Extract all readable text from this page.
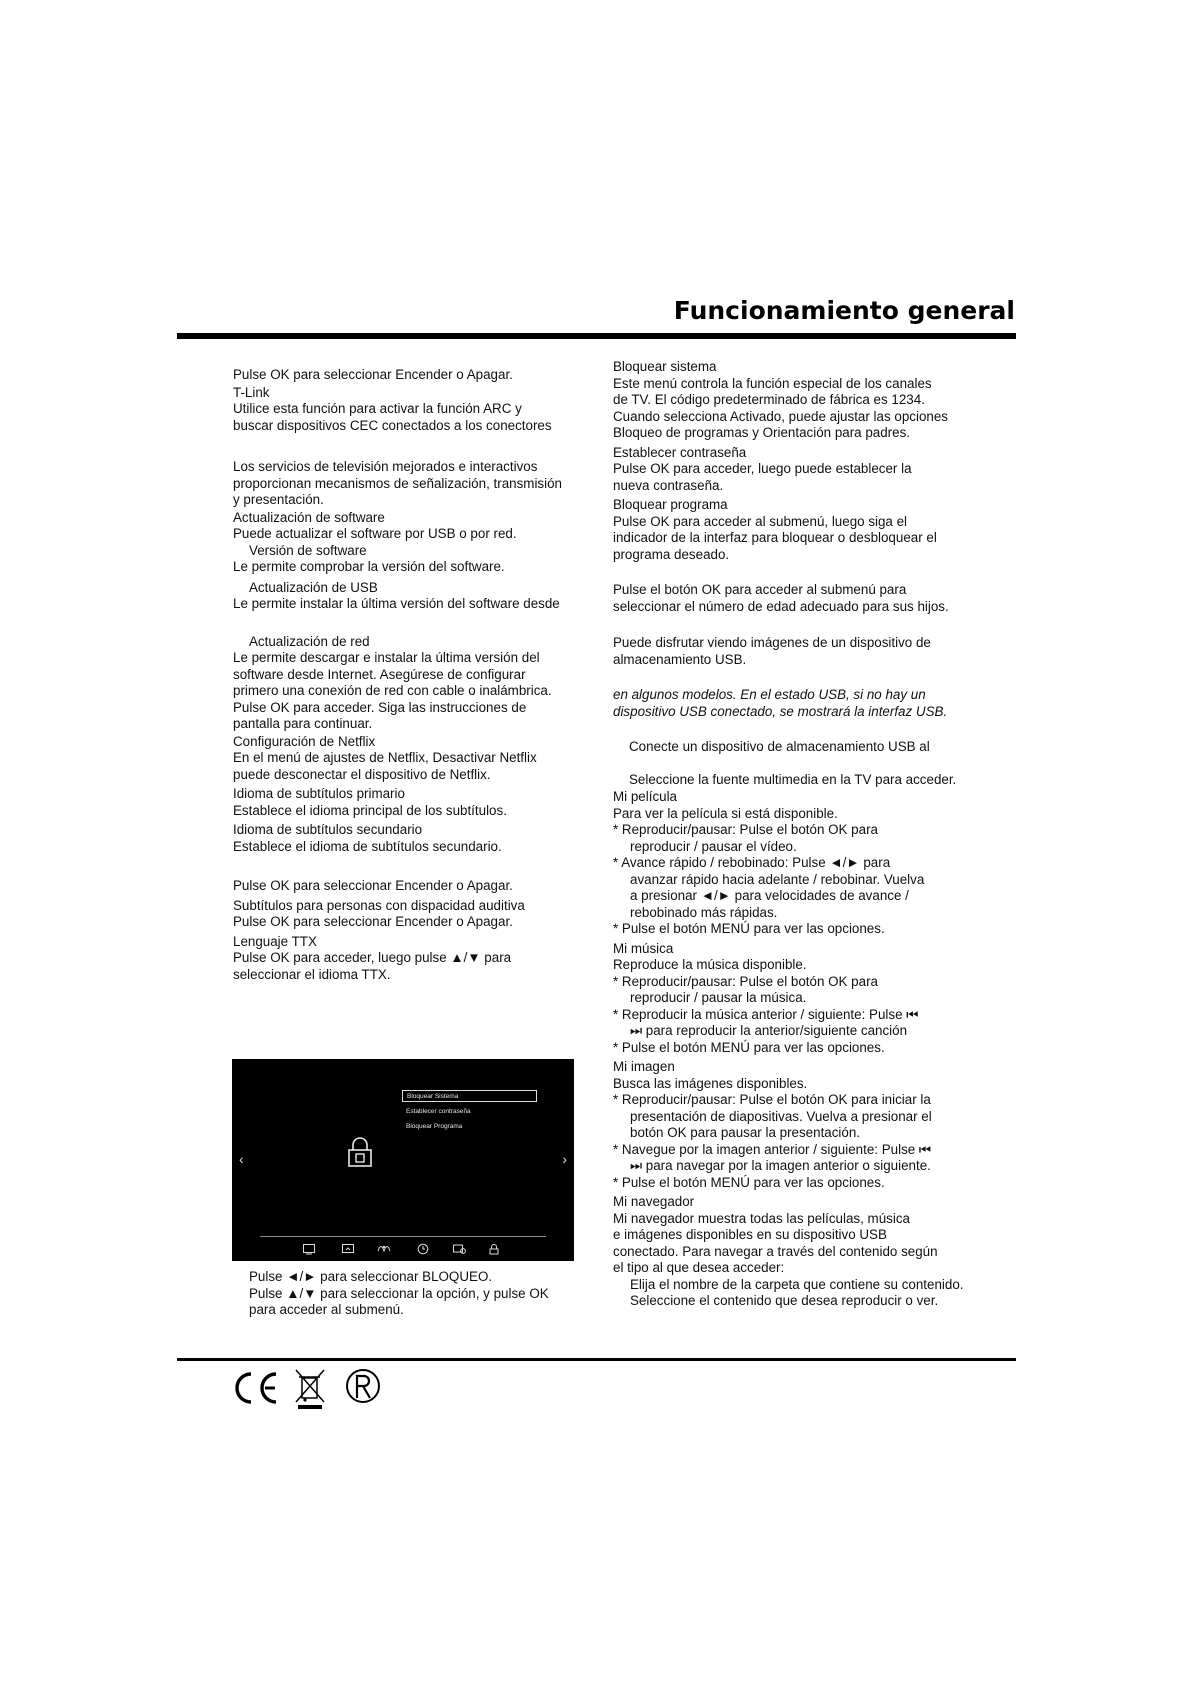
Funcionamiento general

Pulse OK para seleccionar Encender o Apagar.

T-Link

Utilice esta función para activar la función ARC y

buscar dispositivos CEC conectados a los conectores

Los servicios de televisión mejorados e interactivos

proporcionan mecanismos de señalización, transmisión

y presentación.

Actualización de software

Puede actualizar el software por USB o por red.

Versión de software

Le permite comprobar la versión del software.

Actualización de USB

Le permite instalar la última versión del software desde

Actualización de red

Le permite descargar e instalar la última versión del

software desde Internet. Asegúrese de configurar

primero una conexión de red con cable o inalámbrica.

Pulse OK para acceder. Siga las instrucciones de

pantalla para continuar.

Configuración de Netflix

En el menú de ajustes de Netflix, Desactivar Netflix

puede desconectar el dispositivo de Netflix.

Idioma de subtítulos primario

Establece el idioma principal de los subtítulos.

Idioma de subtítulos secundario

Establece el idioma de subtítulos secundario.

Pulse OK para seleccionar Encender o Apagar.

Subtítulos para personas con dispacidad auditiva

Pulse OK para seleccionar Encender o Apagar.

Lenguaje TTX

Pulse OK para acceder, luego pulse ▲/▼ para

seleccionar el idioma TTX.

Bloquear Sistema
Establecer contraseña
Bloquear Programa
‹	›

Pulse ◄/► para seleccionar BLOQUEO.

Pulse ▲/▼ para seleccionar la opción, y pulse OK

para acceder al submenú.

Bloquear sistema

Este menú controla la función especial de los canales

de TV. El código predeterminado de fábrica es 1234.

Cuando selecciona Activado, puede ajustar las opciones

Bloqueo de programas y Orientación para padres.

Establecer contraseña

Pulse OK para acceder, luego puede establecer la

nueva contraseña.

Bloquear programa

Pulse OK para acceder al submenú, luego siga el

indicador de la interfaz para bloquear o desbloquear el

programa deseado.

Pulse el botón OK para acceder al submenú para

seleccionar el número de edad adecuado para sus hijos.

Puede disfrutar viendo imágenes de un dispositivo de

almacenamiento USB.

en algunos modelos. En el estado USB, si no hay un

dispositivo USB conectado, se mostrará la interfaz USB.

Conecte un dispositivo de almacenamiento USB al

Seleccione la fuente multimedia en la TV para acceder.

Mi película

Para ver la película si está disponible.

* Reproducir/pausar: Pulse el botón OK para

reproducir / pausar el vídeo.

* Avance rápido / rebobinado: Pulse ◄/► para

avanzar rápido hacia adelante / rebobinar. Vuelva

a presionar ◄/► para velocidades de avance /

rebobinado más rápidas.

* Pulse el botón MENÚ para ver las opciones.

Mi música

Reproduce la música disponible.

* Reproducir/pausar: Pulse el botón OK para

reproducir / pausar la música.

* Reproducir la música anterior / siguiente: Pulse ⏮

⏭ para reproducir la anterior/siguiente canción

* Pulse el botón MENÚ para ver las opciones.

Mi imagen

Busca las imágenes disponibles.

* Reproducir/pausar: Pulse el botón OK para iniciar la

presentación de diapositivas. Vuelva a presionar el

botón OK para pausar la presentación.

* Navegue por la imagen anterior / siguiente: Pulse ⏮

⏭ para navegar por la imagen anterior o siguiente.

* Pulse el botón MENÚ para ver las opciones.

Mi navegador

Mi navegador muestra todas las películas, música

e imágenes disponibles en su dispositivo USB

conectado. Para navegar a través del contenido según

el tipo al que desea acceder:

Elija el nombre de la carpeta que contiene su contenido.

Seleccione el contenido que desea reproducir o ver.
